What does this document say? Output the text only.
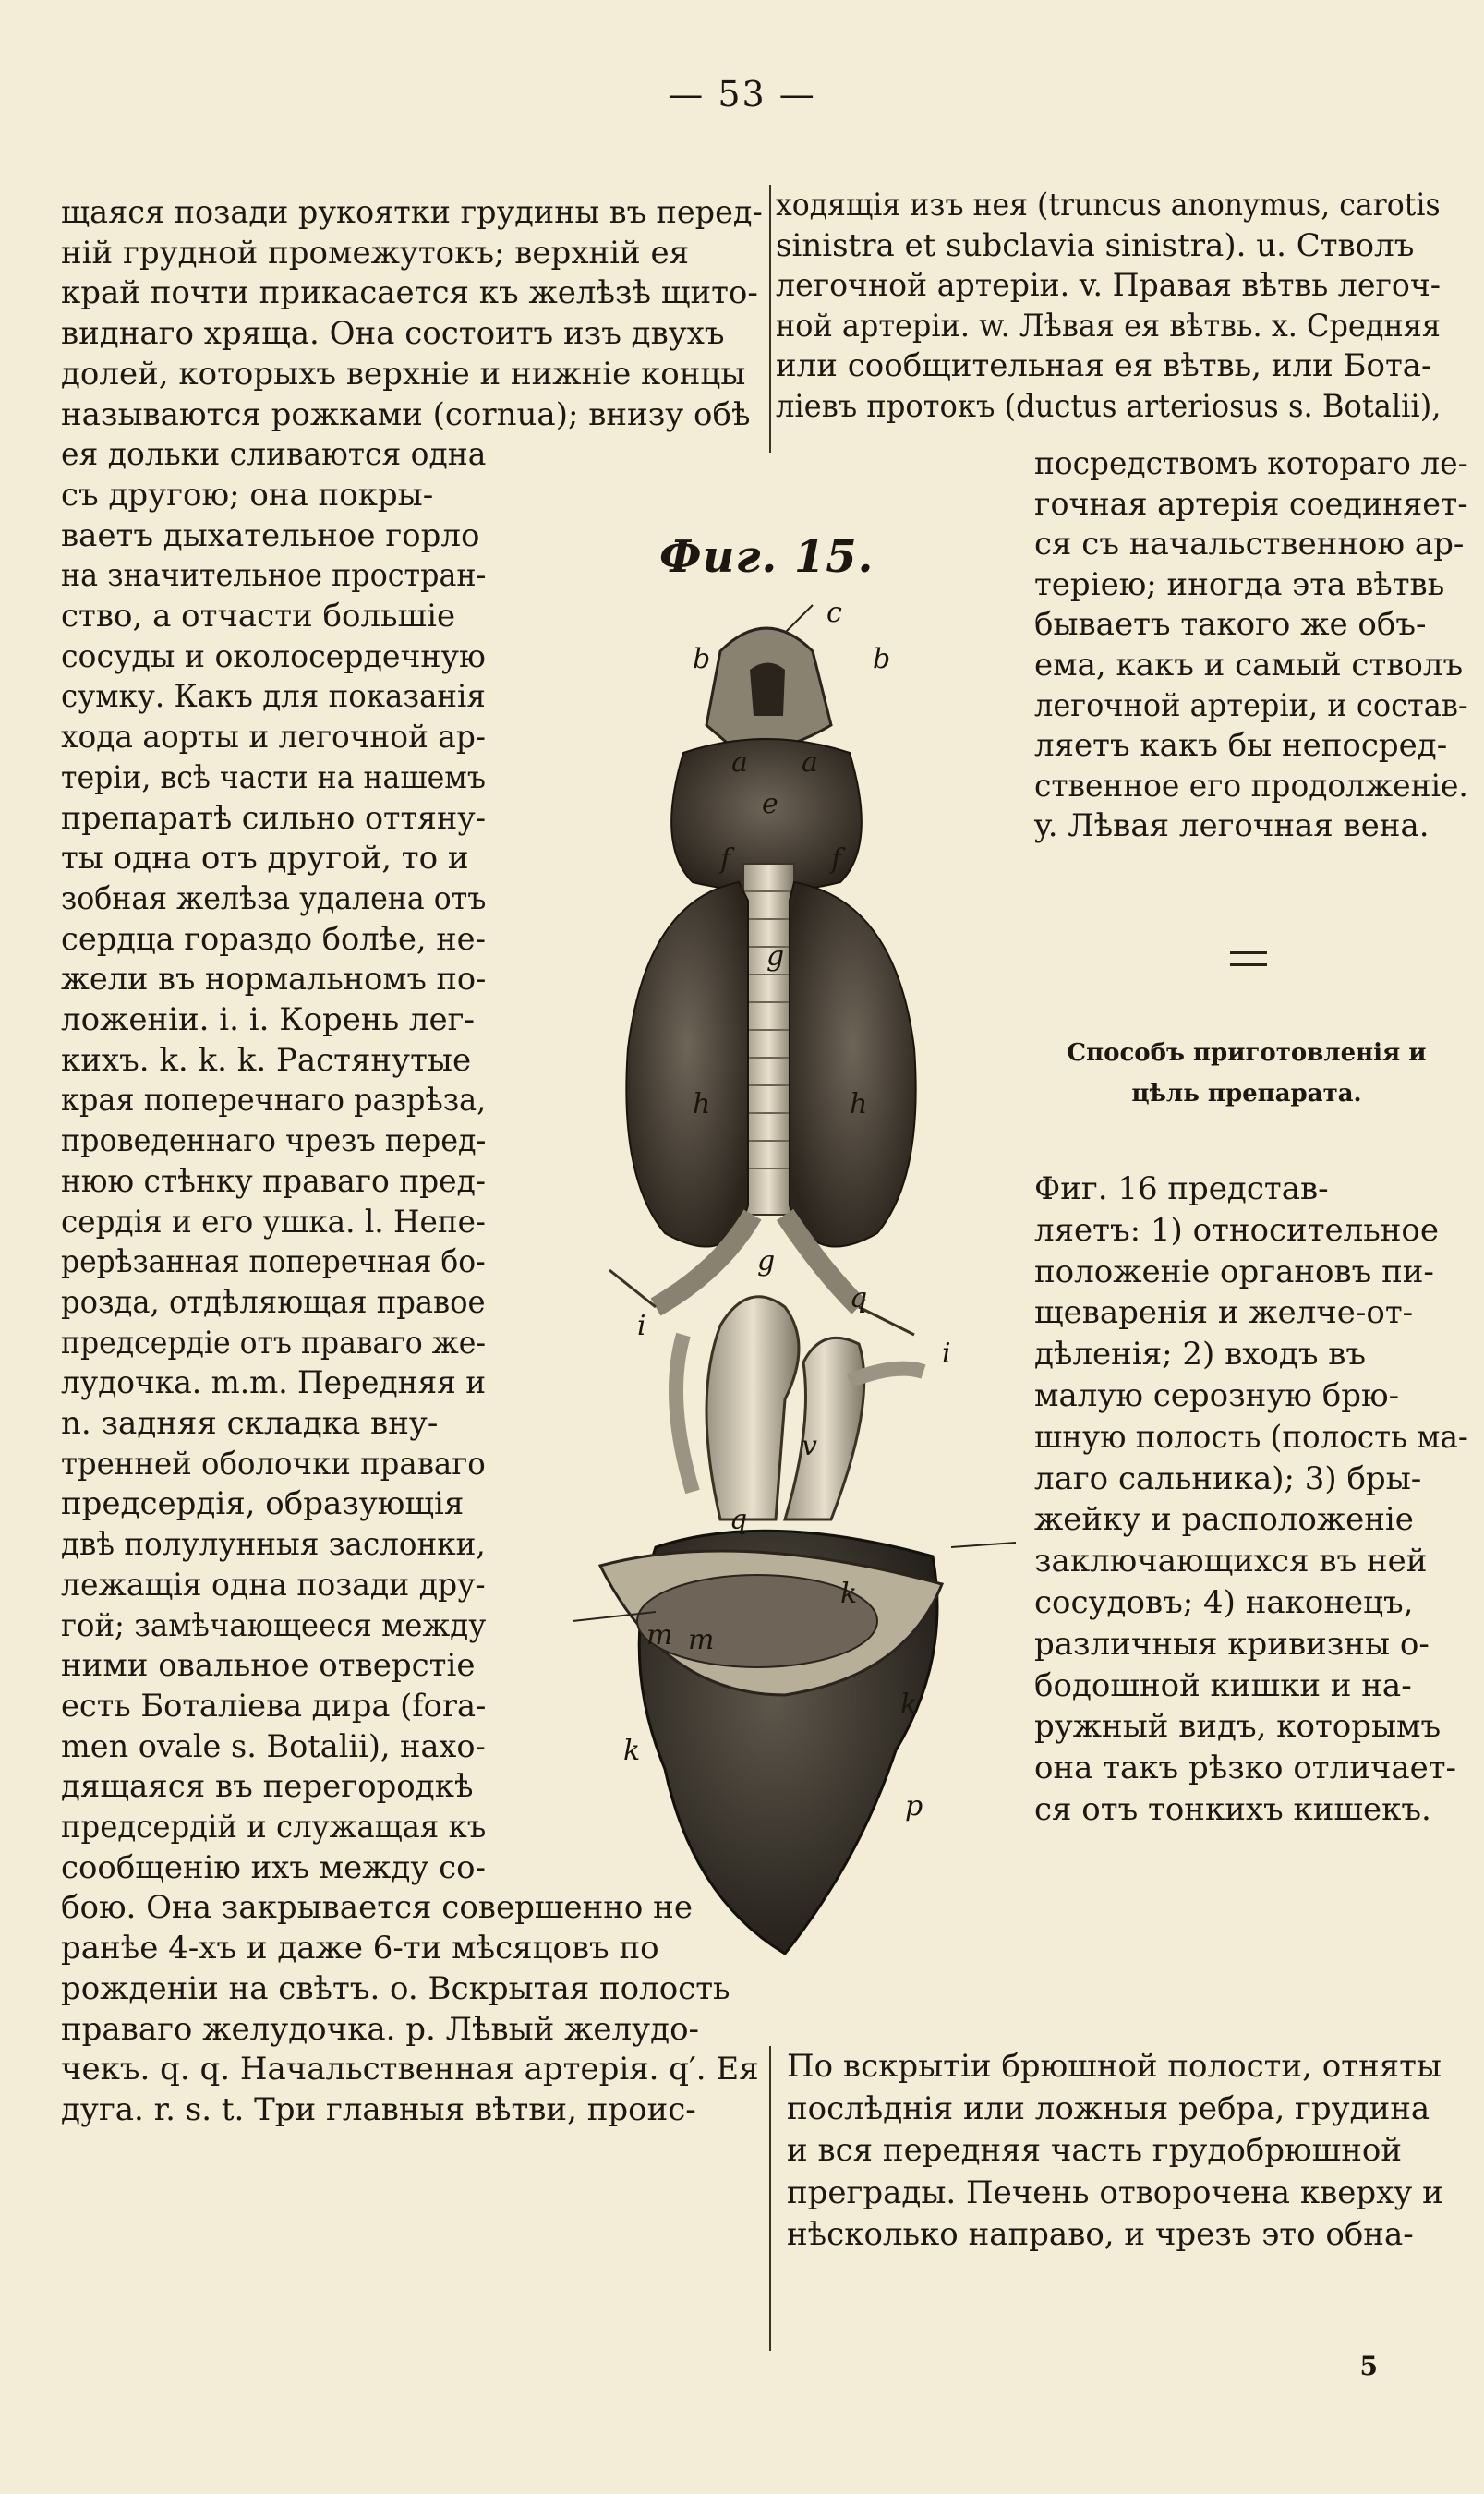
— 53 —
щаяся позади рукоятки грудины въ перед-
ній грудной промежутокъ; верхній ея
край почти прикасается къ желѣзѣ щито-
виднаго хряща. Она состоитъ изъ двухъ
долей, которыхъ верхніе и нижніе концы
называются рожками (cornua); внизу обѣ
ея дольки сливаются одна
съ другою; она покры-
ваетъ дыхательное горло
на значительное простран-
ство, а отчасти большіе
сосуды и околосердечную
сумку. Какъ для показанія
хода аорты и легочной ар-
теріи, всѣ части на нашемъ
препаратѣ сильно оттяну-
ты одна отъ другой, то и
зобная желѣза удалена отъ
сердца гораздо болѣе, не-
жели въ нормальномъ по-
ложеніи. i. i. Корень лег-
кихъ. k. k. k. Растянутые
края поперечнаго разрѣза,
проведеннаго чрезъ перед-
нюю стѣнку праваго пред-
сердія и его ушка. l. Непе-
рерѣзанная поперечная бо-
розда, отдѣляющая правое
предсердіе отъ праваго же-
лудочка. m.m. Передняя и
n. задняя складка вну-
тренней оболочки праваго
предсердія, образующія
двѣ полулунныя заслонки,
лежащія одна позади дру-
гой; замѣчающееся между
ними овальное отверстіе
есть Боталіева дира (fora-
men ovale s. Botalii), нахо-
дящаяся въ перегородкѣ
предсердій и служащая къ
сообщенію ихъ между со-
бою. Она закрывается совершенно не
ранѣе 4-хъ и даже 6-ти мѣсяцовъ по
рожденіи на свѣтъ. o. Вскрытая полость
праваго желудочка. p. Лѣвый желудо-
чекъ. q. q. Начальственная артерія. q′. Ея
дуга. r. s. t. Три главныя вѣтви, проис-
ходящія изъ нея (truncus anonymus, carotis
sinistra et subclavia sinistra). u. Стволъ
легочной артеріи. v. Правая вѣтвь легоч-
ной артеріи. w. Лѣвая ея вѣтвь. x. Средняя
или сообщительная ея вѣтвь, или Бота-
ліевъ протокъ (ductus arteriosus s. Botalii),
посредствомъ котораго ле-
гочная артерія соединяет-
ся съ начальственною ар-
теріею; иногда эта вѣтвь
бываетъ такого же объ-
ема, какъ и самый стволъ
легочной артеріи, и состав-
ляетъ какъ бы непосред-
ственное его продолженіе.
y. Лѣвая легочная вена.
Фиг. 16 представ-
ляетъ: 1) относительное
положеніе органовъ пи-
щеваренія и желче-от-
дѣленія; 2) входъ въ
малую серозную брю-
шную полость (полость ма-
лаго сальника); 3) бры-
жейку и расположеніе
заключающихся въ ней
сосудовъ; 4) наконецъ,
различныя кривизны о-
бодошной кишки и на-
ружный видъ, которымъ
она такъ рѣзко отличает-
ся отъ тонкихъ кишекъ.
По вскрытіи брюшной полости, отняты
послѣднія или ложныя ребра, грудина
и вся передняя часть грудобрюшной
преграды. Печень отворочена кверху и
нѣсколько направо, и чрезъ это обна-
Фиг. 15.
Способъ приготовленія и
цѣль препарата.
c
b	b
a a
e
f	f
g
h	h
g
i
i
q
q
v
k
k
k
m m
p
5
